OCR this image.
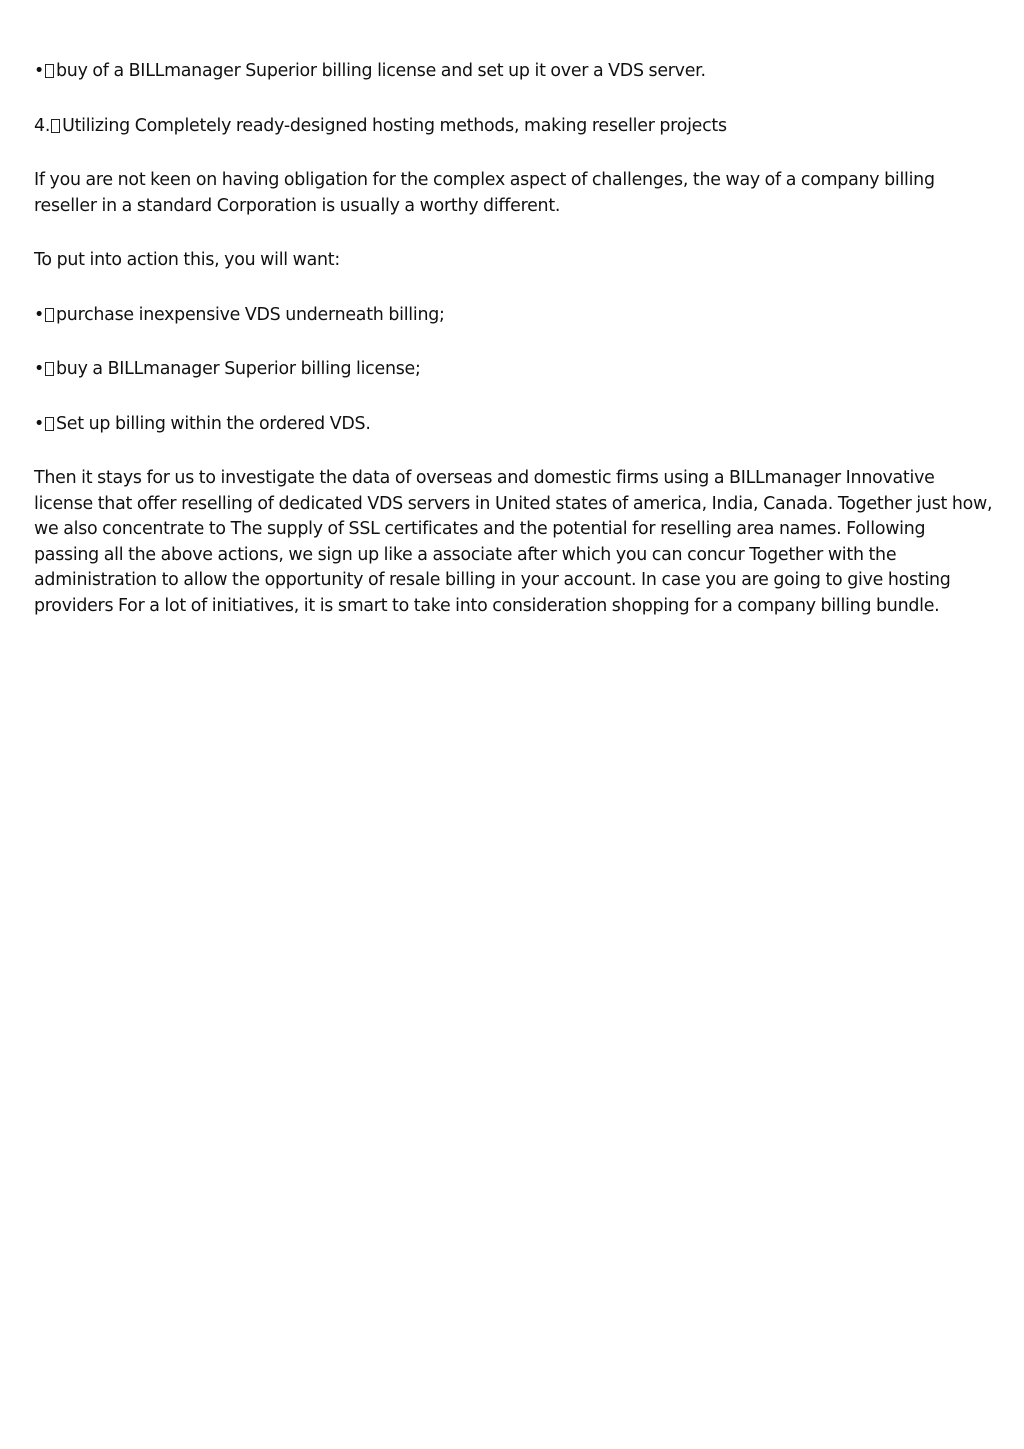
• buy of a BILLmanager Superior billing license and set up it over a VDS server.

4. Utilizing Completely ready-designed hosting methods, making reseller projects

If you are not keen on having obligation for the complex aspect of challenges, the way of a company billing reseller in a standard Corporation is usually a worthy different.

To put into action this, you will want:

• purchase inexpensive VDS underneath billing;

• buy a BILLmanager Superior billing license;

• Set up billing within the ordered VDS.

Then it stays for us to investigate the data of overseas and domestic firms using a BILLmanager Innovative license that offer reselling of dedicated VDS servers in United states of america, India, Canada. Together just how, we also concentrate to The supply of SSL certificates and the potential for reselling area names. Following passing all the above actions, we sign up like a associate after which you can concur Together with the administration to allow the opportunity of resale billing in your account. In case you are going to give hosting providers For a lot of initiatives, it is smart to take into consideration shopping for a company billing bundle.
